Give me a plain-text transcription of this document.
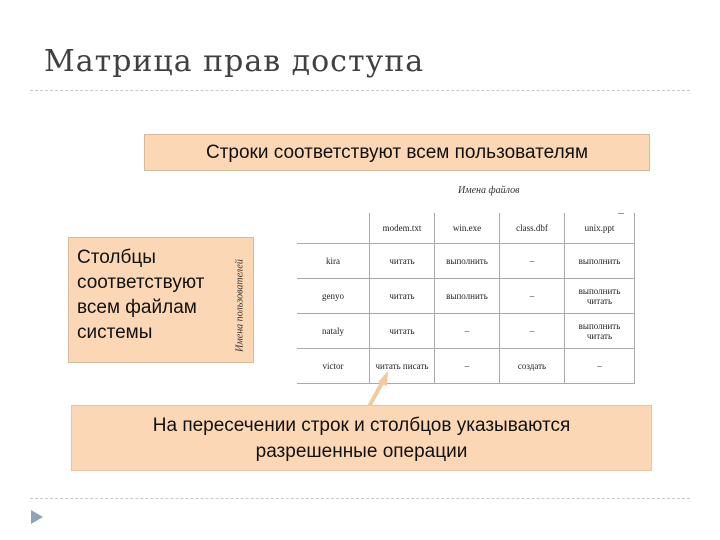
Матрица прав доступа
Строки соответствуют всем пользователям
Имена файлов
Столбцы
соответствуют
всем файлам
системы	Имена пользователей
	modem.txt	win.exe	class.dbf	unix.ppt
kira	читать	выполнить	–	выполнить
genyo	читать	выполнить	–	выполнить читать
nataly	читать	–	–	выполнить читать
victor	читать писать	–	создать	–
На пересечении строк и столбцов указываются
разрешенные операции
